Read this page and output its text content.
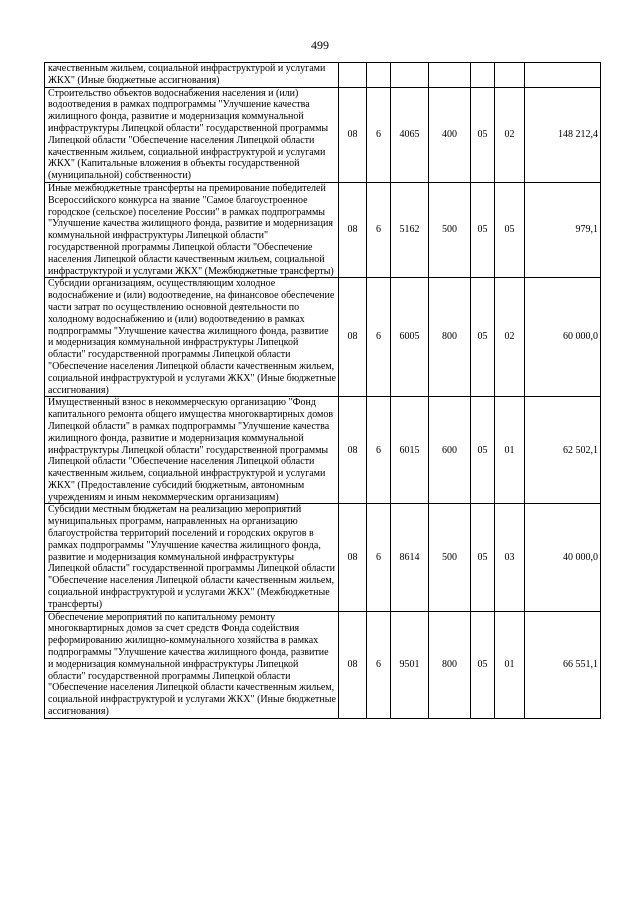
499
качественным жильем, социальной инфраструктурой и услугами ЖКХ" (Иные бюджетные ассигнования)							
Строительство объектов водоснабжения населения и (или) водоотведения в рамках подпрограммы "Улучшение качества жилищного фонда, развитие и модернизация коммунальной инфраструктуры Липецкой области" государственной программы Липецкой области "Обеспечение населения Липецкой области качественным жильем, социальной инфраструктурой и услугами ЖКХ" (Капитальные вложения в объекты государственной (муниципальной) собственности)	08	6	4065	400	05	02	148 212,4
Иные межбюджетные трансферты на премирование победителей Всероссийского конкурса на звание "Самое благоустроенное городское (сельское) поселение России" в рамках подпрограммы "Улучшение качества жилищного фонда, развитие и модернизация коммунальной инфраструктуры Липецкой области" государственной программы Липецкой области "Обеспечение населения Липецкой области качественным жильем, социальной инфраструктурой и услугами ЖКХ" (Межбюджетные трансферты)	08	6	5162	500	05	05	979,1
Субсидии организациям, осуществляющим холодное водоснабжение и (или) водоотведение, на финансовое обеспечение части затрат по осуществлению основной деятельности по холодному водоснабжению и (или) водоотведению в рамках подпрограммы "Улучшение качества жилищного фонда, развитие и модернизация коммунальной инфраструктуры Липецкой области" государственной программы Липецкой области "Обеспечение населения Липецкой области качественным жильем, социальной инфраструктурой и услугами ЖКХ" (Иные бюджетные ассигнования)	08	6	6005	800	05	02	60 000,0
Имущественный взнос в некоммерческую организацию "Фонд капитального ремонта общего имущества многоквартирных домов Липецкой области" в рамках подпрограммы "Улучшение качества жилищного фонда, развитие и модернизация коммунальной инфраструктуры Липецкой области" государственной программы Липецкой области "Обеспечение населения Липецкой области качественным жильем, социальной инфраструктурой и услугами ЖКХ" (Предоставление субсидий бюджетным, автономным учреждениям и иным некоммерческим организациям)	08	6	6015	600	05	01	62 502,1
Субсидии местным бюджетам на реализацию мероприятий муниципальных программ, направленных на организацию благоустройства территорий поселений и городских округов в рамках подпрограммы "Улучшение качества жилищного фонда, развитие и модернизация коммунальной инфраструктуры Липецкой области" государственной программы Липецкой области "Обеспечение населения Липецкой области качественным жильем, социальной инфраструктурой и услугами ЖКХ" (Межбюджетные трансферты)	08	6	8614	500	05	03	40 000,0
Обеспечение мероприятий по капитальному ремонту многоквартирных домов за счет средств Фонда содействия реформированию жилищно-коммунального хозяйства в рамках подпрограммы "Улучшение качества жилищного фонда, развитие и модернизация коммунальной инфраструктуры Липецкой области" государственной программы Липецкой области "Обеспечение населения Липецкой области качественным жильем, социальной инфраструктурой и услугами ЖКХ" (Иные бюджетные ассигнования)	08	6	9501	800	05	01	66 551,1
